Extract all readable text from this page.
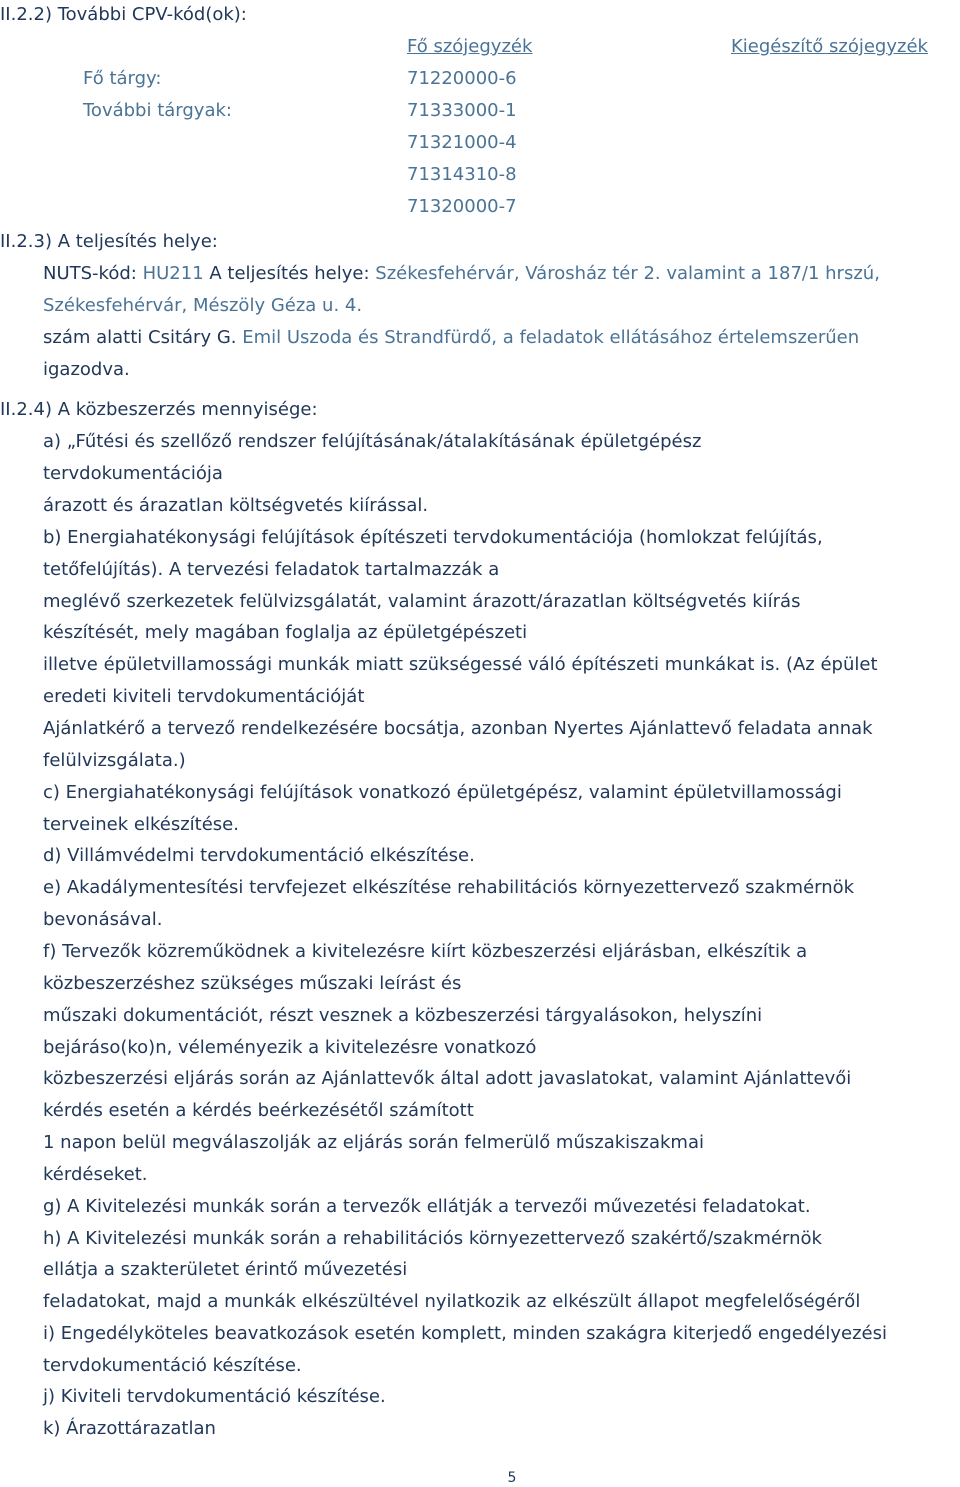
II.2.2) További CPV-kód(ok):
Fő szójegyzék	Kiegészítő szójegyzék
Fő tárgy:	71220000-6
További tárgyak:	71333000-1
71321000-4
71314310-8
71320000-7
II.2.3) A teljesítés helye:
NUTS-kód: HU211 A teljesítés helye: Székesfehérvár, Városház tér 2. valamint a 187/1 hrszú,
Székesfehérvár, Mészöly Géza u. 4.
szám alatti Csitáry G. Emil Uszoda és Strandfürdő, a feladatok ellátásához értelemszerűen
igazodva.
II.2.4) A közbeszerzés mennyisége:
a) „Fűtési és szellőző rendszer felújításának/átalakításának épületgépész
tervdokumentációja
árazott és árazatlan költségvetés kiírással.
b) Energiahatékonysági felújítások építészeti tervdokumentációja (homlokzat felújítás,
tetőfelújítás). A tervezési feladatok tartalmazzák a
meglévő szerkezetek felülvizsgálatát, valamint árazott/árazatlan költségvetés kiírás
készítését, mely magában foglalja az épületgépészeti
illetve épületvillamossági munkák miatt szükségessé váló építészeti munkákat is. (Az épület
eredeti kiviteli tervdokumentációját
Ajánlatkérő a tervező rendelkezésére bocsátja, azonban Nyertes Ajánlattevő feladata annak
felülvizsgálata.)
c) Energiahatékonysági felújítások vonatkozó épületgépész, valamint épületvillamossági
terveinek elkészítése.
d) Villámvédelmi tervdokumentáció elkészítése.
e) Akadálymentesítési tervfejezet elkészítése rehabilitációs környezettervező szakmérnök
bevonásával.
f) Tervezők közreműködnek a kivitelezésre kiírt közbeszerzési eljárásban, elkészítik a
közbeszerzéshez szükséges műszaki leírást és
műszaki dokumentációt, részt vesznek a közbeszerzési tárgyalásokon, helyszíni
bejáráso(ko)n, véleményezik a kivitelezésre vonatkozó
közbeszerzési eljárás során az Ajánlattevők által adott javaslatokat, valamint Ajánlattevői
kérdés esetén a kérdés beérkezésétől számított
1 napon belül megválaszolják az eljárás során felmerülő műszakiszakmai
kérdéseket.
g) A Kivitelezési munkák során a tervezők ellátják a tervezői művezetési feladatokat.
h) A Kivitelezési munkák során a rehabilitációs környezettervező szakértő/szakmérnök
ellátja a szakterületet érintő művezetési
feladatokat, majd a munkák elkészültével nyilatkozik az elkészült állapot megfelelőségéről
i) Engedélyköteles beavatkozások esetén komplett, minden szakágra kiterjedő engedélyezési
tervdokumentáció készítése.
j) Kiviteli tervdokumentáció készítése.
k) Árazottárazatlan
5
